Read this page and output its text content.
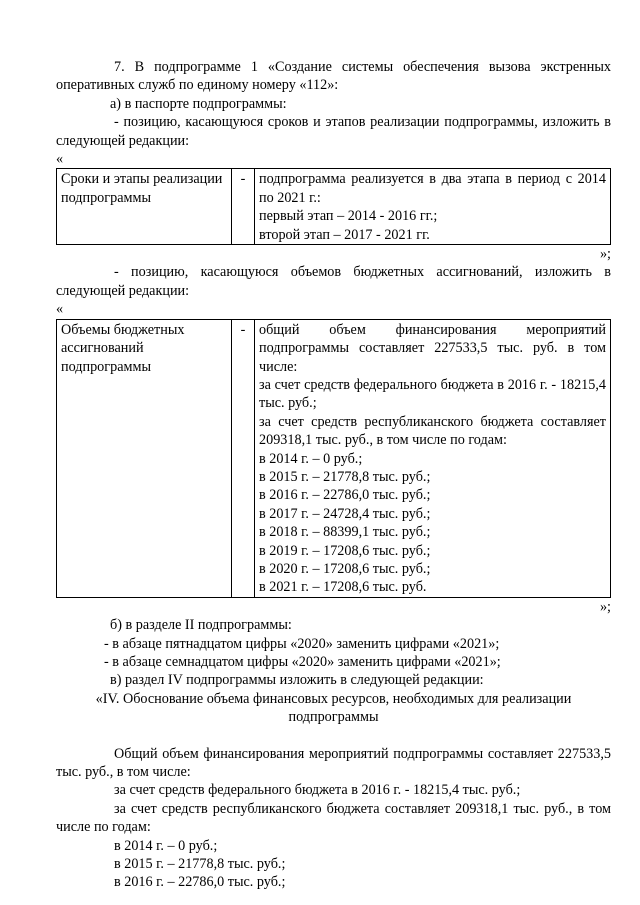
7. В подпрограмме 1 «Создание системы обеспечения вызова экстренных оперативных служб по единому номеру «112»:

а) в паспорте подпрограммы:

- позицию, касающуюся сроков и этапов реализации подпрограммы, изложить в следующей редакции:

«

Сроки и этапы реализации подпрограммы	-	подпрограмма реализуется в два этапа в период с 2014 по 2021 г.:
первый этап – 2014 - 2016 гг.;
второй этап – 2017 - 2021 гг.

»;

- позицию, касающуюся объемов бюджетных ассигнований, изложить в следующей редакции:

«

Объемы бюджетных ассигнований подпрограммы	-	общий объем финансирования мероприятий подпрограммы составляет 227533,5 тыс. руб. в том числе:
за счет средств федерального бюджета в 2016 г. - 18215,4 тыс. руб.;
за счет средств республиканского бюджета составляет 209318,1 тыс. руб., в том числе по годам:
в 2014 г. – 0 руб.;
в 2015 г. – 21778,8 тыс. руб.;
в 2016 г. – 22786,0 тыс. руб.;
в 2017 г. – 24728,4 тыс. руб.;
в 2018 г. – 88399,1 тыс. руб.;
в 2019 г. – 17208,6 тыс. руб.;
в 2020 г. – 17208,6 тыс. руб.;
в 2021 г. – 17208,6 тыс. руб.

»;

б) в разделе II подпрограммы:

- в абзаце пятнадцатом цифры «2020» заменить цифрами «2021»;

- в абзаце семнадцатом цифры «2020» заменить цифрами «2021»;

в) раздел IV подпрограммы изложить в следующей редакции:

«IV. Обоснование объема финансовых ресурсов, необходимых для реализации подпрограммы

Общий объем финансирования мероприятий подпрограммы составляет 227533,5 тыс. руб., в том числе:

за счет средств федерального бюджета в 2016 г. - 18215,4 тыс. руб.;

за счет средств республиканского бюджета составляет 209318,1 тыс. руб., в том числе по годам:

в 2014 г. – 0 руб.;

в 2015 г. – 21778,8 тыс. руб.;

в 2016 г. – 22786,0 тыс. руб.;
